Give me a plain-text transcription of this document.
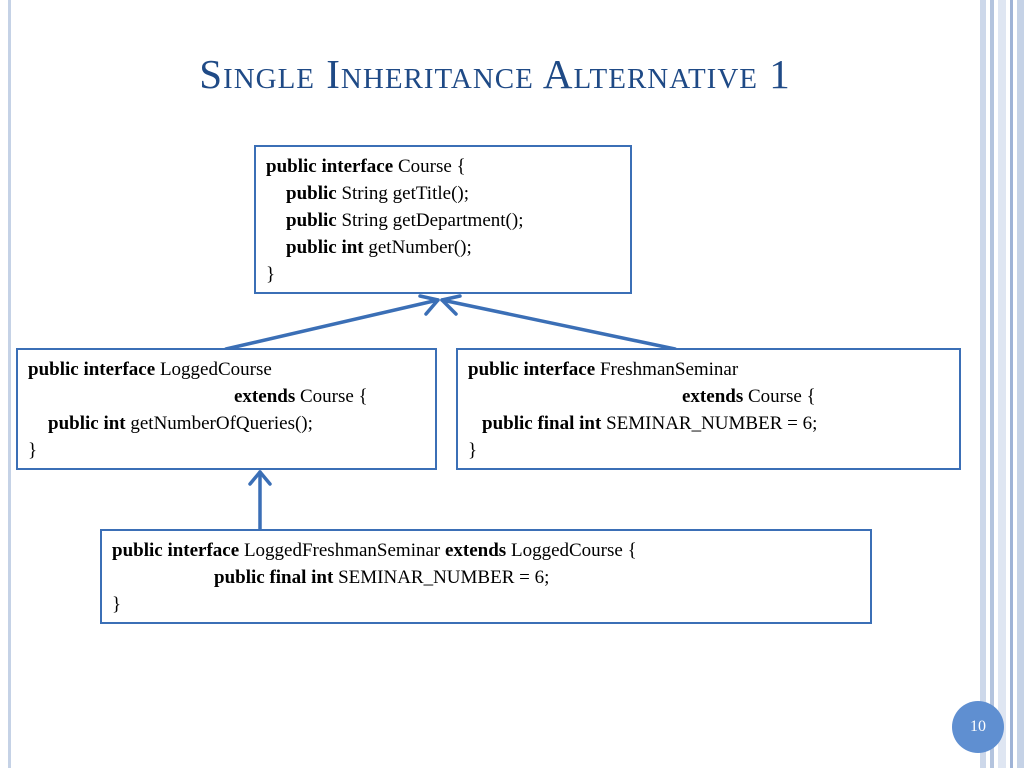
Single Inheritance Alternative 1
public interface Course {
public String getTitle();
public String getDepartment();
public int getNumber();
}
public interface LoggedCourse
extends Course {
public int getNumberOfQueries();
}
public interface FreshmanSeminar
extends Course {
public final int SEMINAR_NUMBER = 6;
}
public interface LoggedFreshmanSeminar extends LoggedCourse {
public final int SEMINAR_NUMBER = 6;
}
10
